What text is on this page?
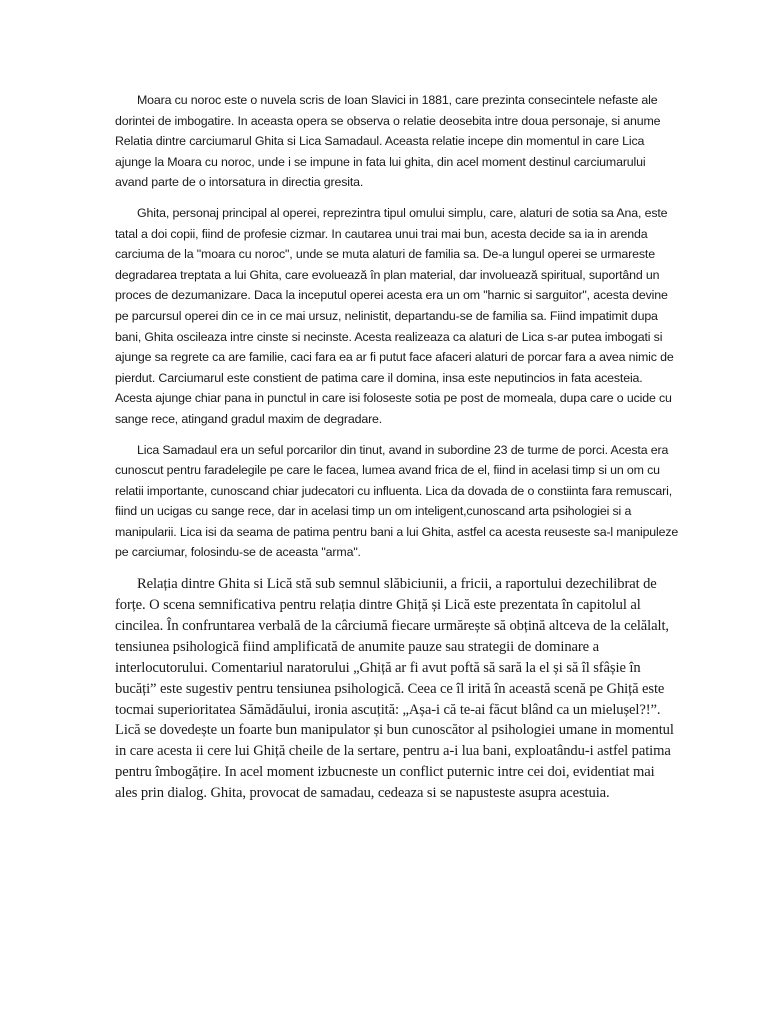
Moara cu noroc este o nuvela scris de Ioan Slavici in 1881, care prezinta consecintele nefaste ale dorintei de imbogatire. In aceasta opera se observa o relatie deosebita intre doua personaje, si anume Relatia dintre carciumarul Ghita si Lica Samadaul. Aceasta relatie incepe din momentul in care Lica ajunge la Moara cu noroc, unde i se impune in fata lui ghita, din acel moment destinul carciumarului avand parte de o intorsatura in directia gresita.

Ghita, personaj principal al operei, reprezintra tipul omului simplu, care, alaturi de sotia sa Ana, este tatal a doi copii, fiind de profesie cizmar. In cautarea unui trai mai bun, acesta decide sa ia in arenda carciuma de la "moara cu noroc", unde se muta alaturi de familia sa. De-a lungul operei se urmareste degradarea treptata a lui Ghita, care evoluează în plan material, dar involuează spiritual, suportând un proces de dezumanizare. Daca la inceputul operei acesta era un om "harnic si sarguitor", acesta devine pe parcursul operei din ce in ce mai ursuz, nelinistit, departandu-se de familia sa. Fiind impatimit dupa bani, Ghita oscileaza intre cinste si necinste. Acesta realizeaza ca alaturi de Lica s-ar putea imbogati si ajunge sa regrete ca are familie, caci fara ea ar fi putut face afaceri alaturi de porcar fara a avea nimic de pierdut. Carciumarul este constient de patima care il domina, insa este neputincios in fata acesteia. Acesta ajunge chiar pana in punctul in care isi foloseste sotia pe post de momeala, dupa care o ucide cu sange rece, atingand gradul maxim de degradare.

Lica Samadaul era un seful porcarilor din tinut, avand in subordine 23 de turme de porci. Acesta era cunoscut pentru faradelegile pe care le facea, lumea avand frica de el, fiind in acelasi timp si un om cu relatii importante, cunoscand chiar judecatori cu influenta. Lica da dovada de o constiinta fara remuscari, fiind un ucigas cu sange rece, dar in acelasi timp un om inteligent,cunoscand arta psihologiei si a manipularii. Lica isi da seama de patima pentru bani a lui Ghita, astfel ca acesta reuseste sa-l manipuleze pe carciumar, folosindu-se de aceasta "arma".

Relația dintre Ghita si Lică stă sub semnul slăbiciunii, a fricii, a raportului dezechilibrat de forțe. O scena semnificativa pentru relația dintre Ghiță și Lică este prezentata în capitolul al cincilea. În confruntarea verbală de la cârciumă fiecare urmărește să obțină altceva de la celălalt, tensiunea psihologică fiind amplificată de anumite pauze sau strategii de dominare a interlocutorului. Comentariul naratorului „Ghiță ar fi avut poftă să sară la el și să îl sfâșie în bucăți” este sugestiv pentru tensiunea psihologică. Ceea ce îl irită în această scenă pe Ghiță este tocmai superioritatea Sămădăului, ironia ascuțită: „Așa-i că te-ai făcut blând ca un mielușel?!”. Lică se dovedește un foarte bun manipulator și bun cunoscător al psihologiei umane in momentul in care acesta ii cere lui Ghiță cheile de la sertare, pentru a-i lua bani, exploatându-i astfel patima pentru îmbogățire. In acel moment izbucneste un conflict puternic intre cei doi, evidentiat mai ales prin dialog. Ghita, provocat de samadau, cedeaza si se napusteste asupra acestuia.
